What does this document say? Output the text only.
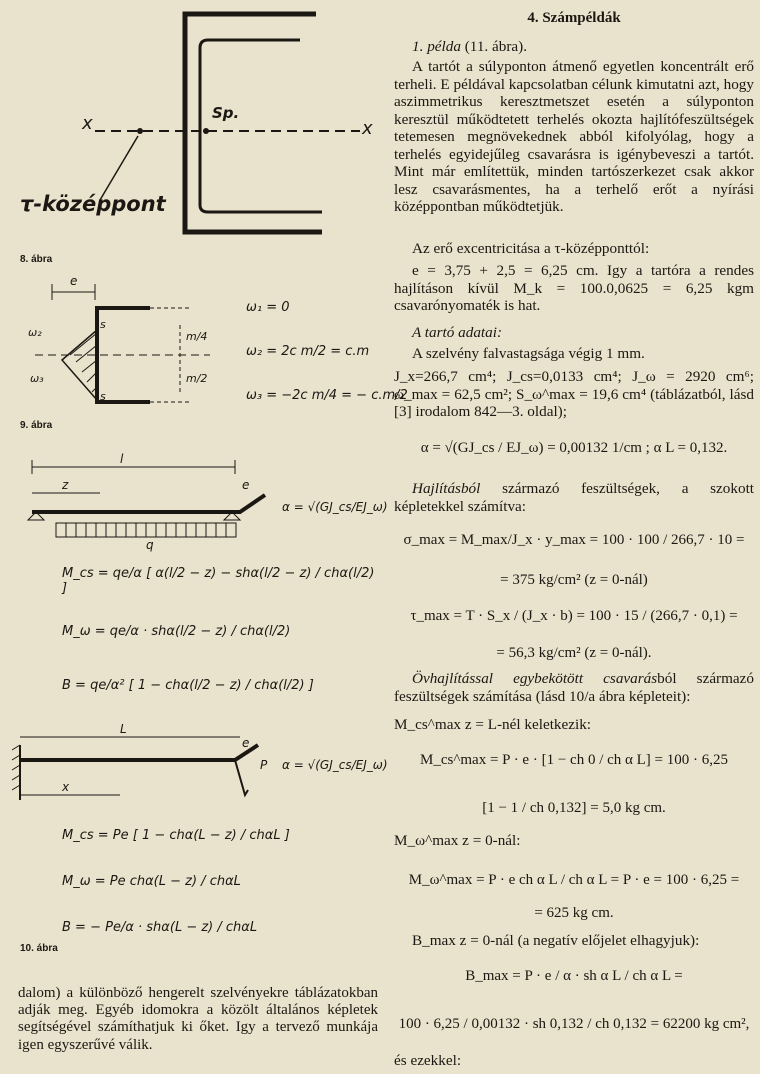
x	x
Sp.
τ-középpont
8. ábra
e
ω₂
ω₃
m/4
m/2
s
s
ω₁ = 0
ω₂ = 2c m/2 = c.m
ω₃ = −2c m/4 = − c.m/2
9. ábra
l
z	e
q
α = √(GJ_cs/EJ_ω)
M_cs = qe/α [ α(l/2 − z) − shα(l/2 − z) / chα(l/2) ]
M_ω = qe/α · shα(l/2 − z) / chα(l/2)
B = qe/α² [ 1 − chα(l/2 − z) / chα(l/2) ]
L
x
e
P α = √(GJ_cs/EJ_ω)
M_cs = Pe [ 1 − chα(L − z) / chαL ]
M_ω = Pe chα(L − z) / chαL
B = − Pe/α · shα(L − z) / chαL
10. ábra
dalom) a különböző hengerelt szelvényekre táblázatokban adják meg. Egyéb idomokra a közölt általános képletek segítségével számíthatjuk ki őket. Igy a tervező munkája igen egyszerűvé válik.
4. Számpéldák

1. példa (11. ábra).

A tartót a súlyponton átmenő egyetlen koncentrált erő terheli. E példával kapcsolatban célunk kimutatni azt, hogy aszimmetrikus keresztmetszet esetén a súlyponton keresztül működtetett terhelés okozta hajlítófeszültségek tetemesen megnövekednek abból kifolyólag, hogy a terhelés egyidejűleg csavarásra is igénybeveszi a tartót. Mint már említettük, minden tartószerkezet csak akkor lesz csavarásmentes, ha a terhelő erőt a nyírási középpontban működtetjük.

Az erő excentricitása a τ-középponttól:

e = 3,75 + 2,5 = 6,25 cm. Igy a tartóra a rendes hajlításon kívül M_k = 100.0,0625 = 6,25 kgm csavarónyomaték is hat.

A tartó adatai:

A szelvény falvastagsága végig 1 mm.

J_x=266,7 cm⁴; J_cs=0,0133 cm⁴; J_ω = 2920 cm⁶; ω_max = 62,5 cm²; S_ω^max = 19,6 cm⁴ (táblázatból, lásd [3] irodalom 842—3. oldal);

α = √(GJ_cs / EJ_ω) = 0,00132 1/cm ; α L = 0,132.

Hajlításból származó feszültségek, a szokott képletekkel számítva:

σ_max = M_max/J_x · y_max = 100 · 100 / 266,7 · 10 =
= 375 kg/cm² (z = 0-nál)
τ_max = T · S_x / (J_x · b) = 100 · 15 / (266,7 · 0,1) =
= 56,3 kg/cm² (z = 0-nál).

Övhajlítással egybekötött csavarásból származó feszültségek számítása (lásd 10/a ábra képleteit):

M_cs^max z = L-nél keletkezik:

M_cs^max = P · e · [1 − ch 0 / ch α L] = 100 · 6,25
[1 − 1 / ch 0,132] = 5,0 kg cm.

M_ω^max z = 0-nál:

M_ω^max = P · e ch α L / ch α L = P · e = 100 · 6,25 =
= 625 kg cm.

B_max z = 0-nál (a negatív előjelet elhagyjuk):

B_max = P · e / α · sh α L / ch α L =
100 · 6,25 / 0,00132 · sh 0,132 / ch 0,132 = 62200 kg cm²,

és ezekkel:
